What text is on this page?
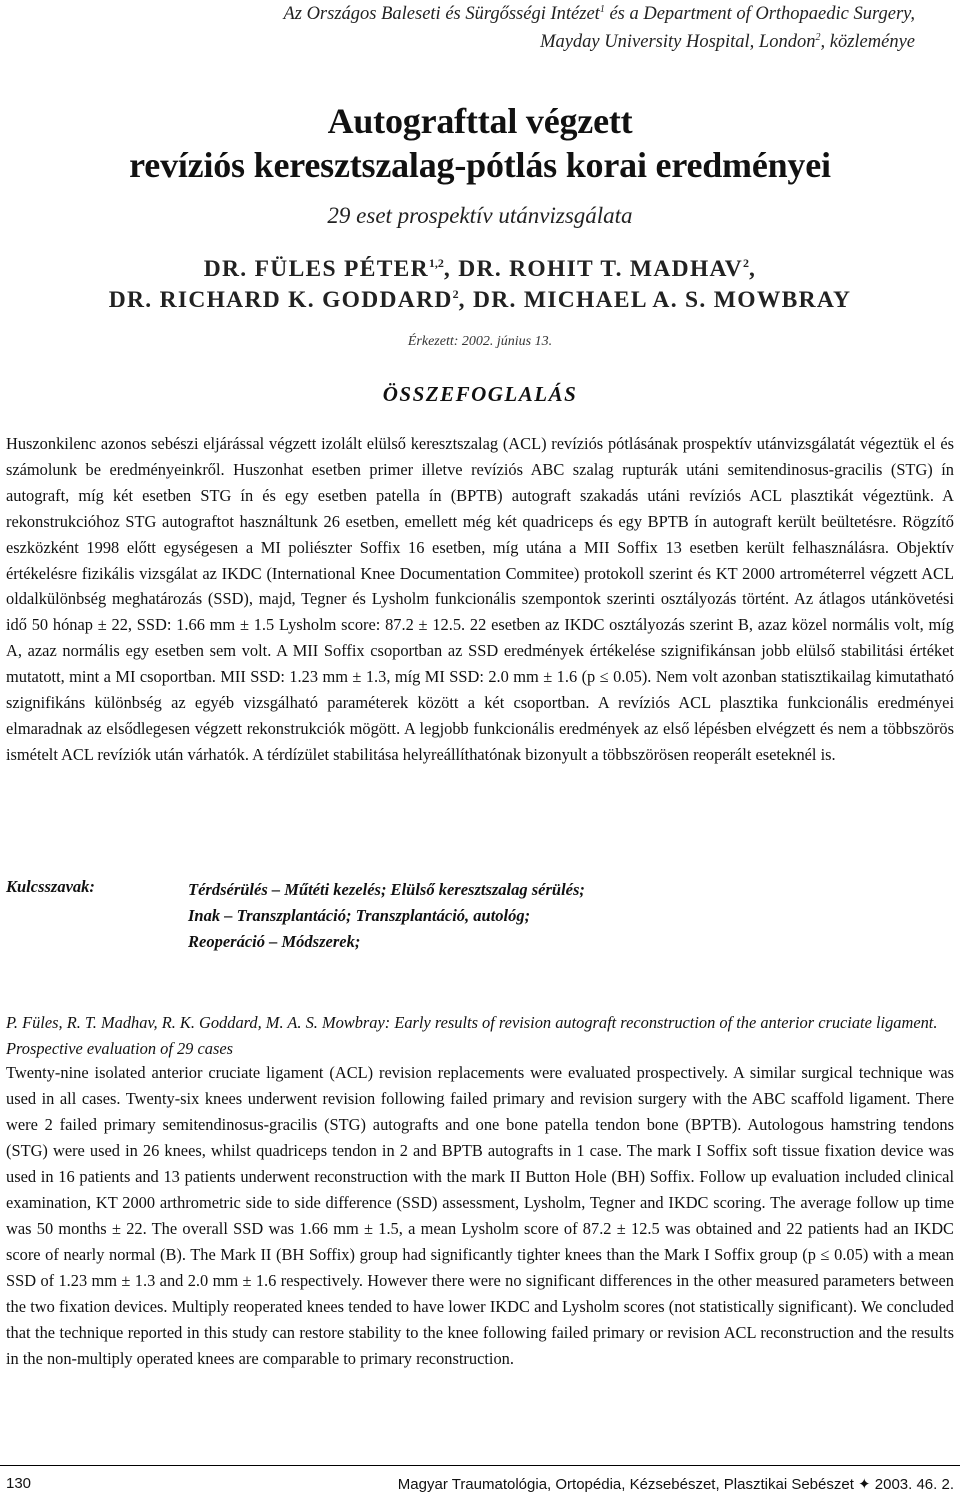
Az Országos Baleseti és Sürgősségi Intézet$^1$ és a Department of Orthopaedic Surgery,
Mayday University Hospital, London$^2$, közleménye
Autografttal végzett
revíziós keresztszalag-pótlás korai eredményei
29 eset prospektív utánvizsgálata
DR. FÜLES PÉTER$^{1,2}$, DR. ROHIT T. MADHAV$^2$,
DR. RICHARD K. GODDARD$^2$, DR. MICHAEL A. S. MOWBRAY
Érkezett: 2002. június 13.
ÖSSZEFOGLALÁS

Huszonkilenc azonos sebészi eljárással végzett izolált elülső keresztszalag (ACL) revíziós pótlásának prospektív utánvizsgálatát végeztük el és számolunk be eredményeinkről. Huszonhat esetben primer illetve revíziós ABC szalag rupturák utáni semitendinosus-gracilis (STG) ín autograft, míg két esetben STG ín és egy esetben patella ín (BPTB) autograft szakadás utáni revíziós ACL plasztikát végeztünk. A rekonstrukcióhoz STG autograftot használtunk 26 esetben, emellett még két quadriceps és egy BPTB ín autograft került beültetésre. Rögzítő eszközként 1998 előtt egységesen a MI poliészter Soffix 16 esetben, míg utána a MII Soffix 13 esetben került felhasználásra. Objektív értékelésre fizikális vizsgálat az IKDC (International Knee Documentation Commitee) protokoll szerint és KT 2000 artrométerrel végzett ACL oldalkülönbség meghatározás (SSD), majd, Tegner és Lysholm funkcionális szempontok szerinti osztályozás történt. Az átlagos utánkövetési idő 50 hónap ± 22, SSD: 1.66 mm ± 1.5 Lysholm score: 87.2 ± 12.5. 22 esetben az IKDC osztályozás szerint B, azaz közel normális volt, míg A, azaz normális egy esetben sem volt. A MII Soffix csoportban az SSD eredmények értékelése szignifikánsan jobb elülső stabilitási értéket mutatott, mint a MI csoportban. MII SSD: 1.23 mm ± 1.3, míg MI SSD: 2.0 mm ± 1.6 (p ≤ 0.05). Nem volt azonban statisztikailag kimutatható szignifikáns különbség az egyéb vizsgálható paraméterek között a két csoportban. A revíziós ACL plasztika funkcionális eredményei elmaradnak az elsődlegesen végzett rekonstrukciók mögött. A legjobb funkcionális eredmények az első lépésben elvégzett és nem a többszörös ismételt ACL revíziók után várhatók. A térdízület stabilitása helyreállíthatónak bizonyult a többszörösen reoperált eseteknél is.

Kulcsszavak:	Térdsérülés – Műtéti kezelés; Elülső keresztszalag sérülés;
Inak – Transzplantáció; Transzplantáció, autológ;
Reoperáció – Módszerek;

P. Füles, R. T. Madhav, R. K. Goddard, M. A. S. Mowbray: Early results of revision autograft reconstruction of the anterior cruciate ligament. Prospective evaluation of 29 cases

Twenty-nine isolated anterior cruciate ligament (ACL) revision replacements were evaluated prospectively. A similar surgical technique was used in all cases. Twenty-six knees underwent revision following failed primary and revision surgery with the ABC scaffold ligament. There were 2 failed primary semitendinosus-gracilis (STG) autografts and one bone patella tendon bone (BPTB). Autologous hamstring tendons (STG) were used in 26 knees, whilst quadriceps tendon in 2 and BPTB autografts in 1 case. The mark I Soffix soft tissue fixation device was used in 16 patients and 13 patients underwent reconstruction with the mark II Button Hole (BH) Soffix. Follow up evaluation included clinical examination, KT 2000 arthrometric side to side difference (SSD) assessment, Lysholm, Tegner and IKDC scoring. The average follow up time was 50 months ± 22. The overall SSD was 1.66 mm ± 1.5, a mean Lysholm score of 87.2 ± 12.5 was obtained and 22 patients had an IKDC score of nearly normal (B). The Mark II (BH Soffix) group had significantly tighter knees than the Mark I Soffix group (p ≤ 0.05) with a mean SSD of 1.23 mm ± 1.3 and 2.0 mm ± 1.6 respectively. However there were no significant differences in the other measured parameters between the two fixation devices. Multiply reoperated knees tended to have lower IKDC and Lysholm scores (not statistically significant). We concluded that the technique reported in this study can restore stability to the knee following failed primary or revision ACL reconstruction and the results in the non-multiply operated knees are comparable to primary reconstruction.

130	Magyar Traumatológia, Ortopédia, Kézsebészet, Plasztikai Sebészet ✦ 2003. 46. 2.
